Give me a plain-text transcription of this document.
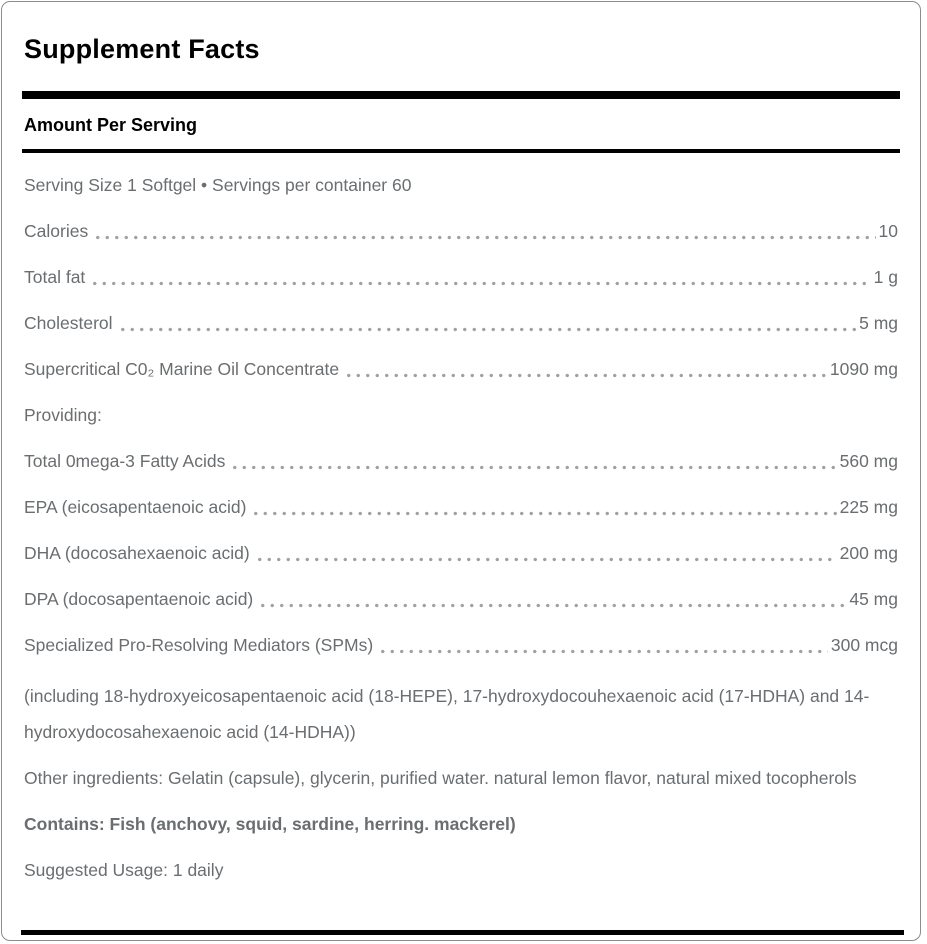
Supplement Facts
Amount Per Serving
Serving Size 1 Softgel • Servings per container 60
Calories	10
Total fat	1 g
Cholesterol	5 mg
Supercritical C0₂ Marine Oil Concentrate	1090 mg
Providing:
Total 0mega-3 Fatty Acids	560 mg
EPA (eicosapentaenoic acid)	225 mg
DHA (docosahexaenoic acid)	200 mg
DPA (docosapentaenoic acid)	45 mg
Specialized Pro-Resolving Mediators (SPMs)	300 mcg

(including 18-hydroxyeicosapentaenoic acid (18-HEPE), 17-hydroxydocouhexaenoic acid (17-HDHA) and 14-hydroxydocosahexaenoic acid (14-HDHA))

Other ingredients: Gelatin (capsule), glycerin, purified water. natural lemon flavor, natural mixed tocopherols

Contains: Fish (anchovy, squid, sardine, herring. mackerel)

Suggested Usage: 1 daily
